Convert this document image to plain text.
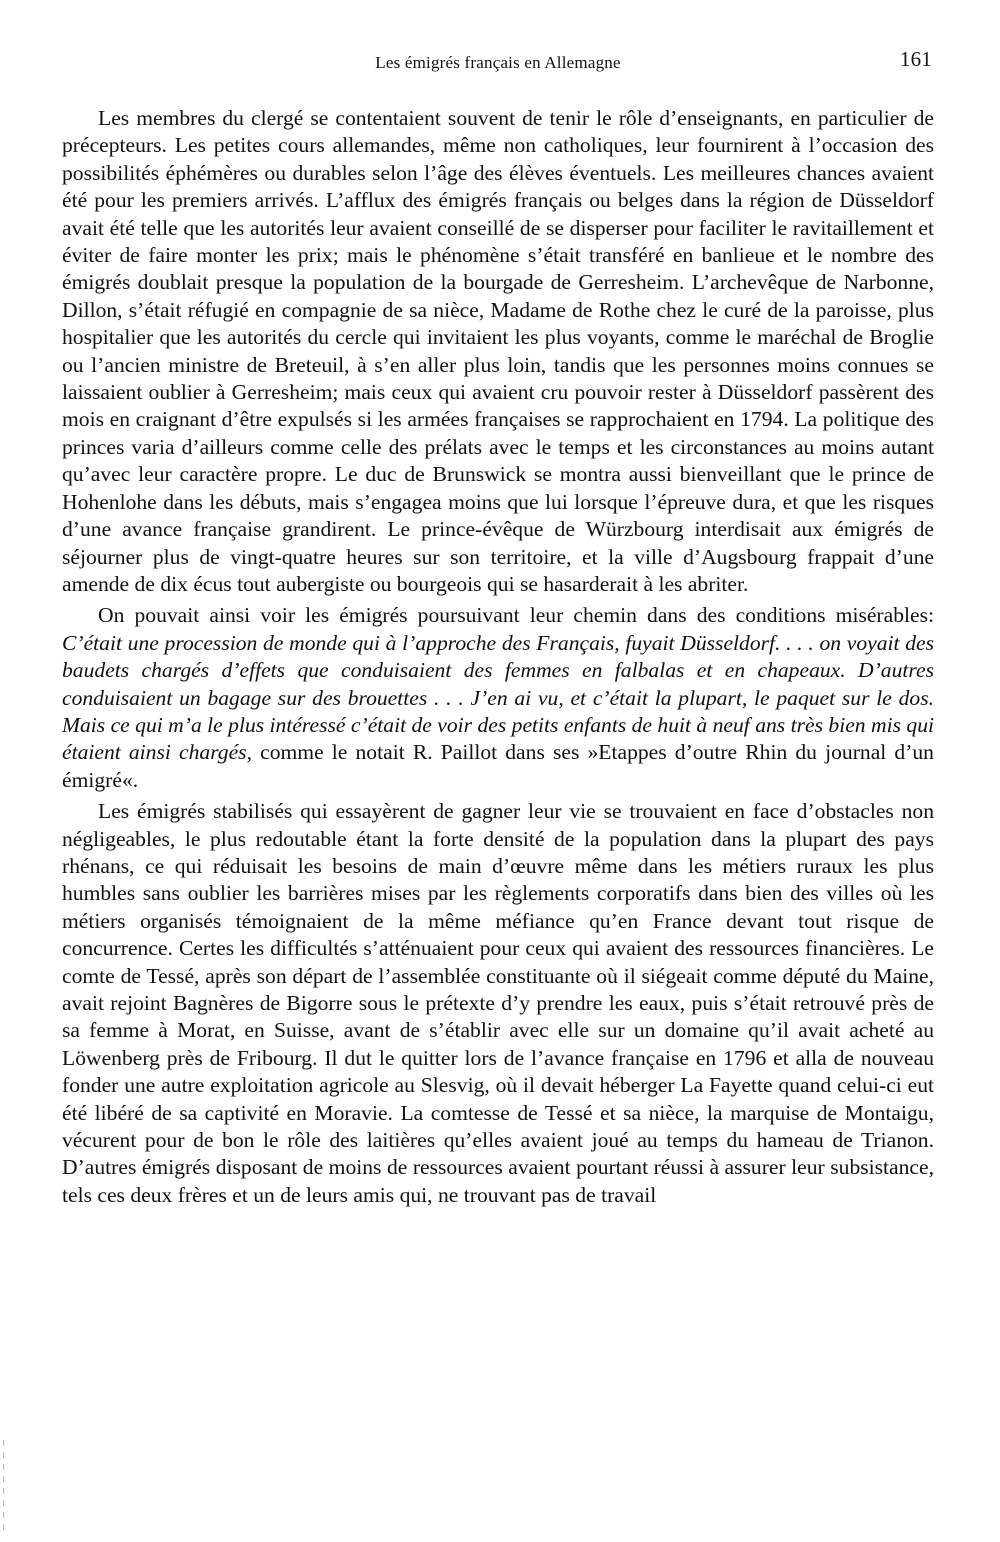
Les émigrés français en Allemagne	161

Les membres du clergé se contentaient souvent de tenir le rôle d’enseignants, en particulier de précepteurs. Les petites cours allemandes, même non catholiques, leur fournirent à l’occasion des possibilités éphémères ou durables selon l’âge des élèves éventuels. Les meilleures chances avaient été pour les premiers arrivés. L’afflux des émigrés français ou belges dans la région de Düsseldorf avait été telle que les autorités leur avaient conseillé de se disperser pour faciliter le ravitaillement et éviter de faire monter les prix; mais le phénomène s’était transféré en banlieue et le nombre des émigrés doublait presque la population de la bourgade de Gerresheim. L’archevêque de Narbonne, Dillon, s’était réfugié en compagnie de sa nièce, Madame de Rothe chez le curé de la paroisse, plus hospitalier que les autorités du cercle qui invitaient les plus voyants, comme le maréchal de Broglie ou l’ancien ministre de Breteuil, à s’en aller plus loin, tandis que les personnes moins connues se laissaient oublier à Gerresheim; mais ceux qui avaient cru pouvoir rester à Düsseldorf passèrent des mois en craignant d’être expulsés si les armées françaises se rapprochaient en 1794. La politique des princes varia d’ailleurs comme celle des prélats avec le temps et les circonstances au moins autant qu’avec leur caractère propre. Le duc de Brunswick se montra aussi bienveillant que le prince de Hohenlohe dans les débuts, mais s’engagea moins que lui lorsque l’épreuve dura, et que les risques d’une avance française grandirent. Le prince-évêque de Würzbourg interdisait aux émigrés de séjourner plus de vingt-quatre heures sur son territoire, et la ville d’Augsbourg frappait d’une amende de dix écus tout aubergiste ou bourgeois qui se hasarderait à les abriter.

On pouvait ainsi voir les émigrés poursuivant leur chemin dans des conditions misérables: C’était une procession de monde qui à l’approche des Français, fuyait Düsseldorf. . . . on voyait des baudets chargés d’effets que conduisaient des femmes en falbalas et en chapeaux. D’autres conduisaient un bagage sur des brouettes . . . J’en ai vu, et c’était la plupart, le paquet sur le dos. Mais ce qui m’a le plus intéressé c’était de voir des petits enfants de huit à neuf ans très bien mis qui étaient ainsi chargés, comme le notait R. Paillot dans ses »Etappes d’outre Rhin du journal d’un émigré«.

Les émigrés stabilisés qui essayèrent de gagner leur vie se trouvaient en face d’obstacles non négligeables, le plus redoutable étant la forte densité de la population dans la plupart des pays rhénans, ce qui réduisait les besoins de main d’œuvre même dans les métiers ruraux les plus humbles sans oublier les barrières mises par les règlements corporatifs dans bien des villes où les métiers organisés témoignaient de la même méfiance qu’en France devant tout risque de concurrence. Certes les difficultés s’atténuaient pour ceux qui avaient des ressources financières. Le comte de Tessé, après son départ de l’assemblée constituante où il siégeait comme député du Maine, avait rejoint Bagnères de Bigorre sous le prétexte d’y prendre les eaux, puis s’était retrouvé près de sa femme à Morat, en Suisse, avant de s’établir avec elle sur un domaine qu’il avait acheté au Löwenberg près de Fribourg. Il dut le quitter lors de l’avance française en 1796 et alla de nouveau fonder une autre exploitation agricole au Slesvig, où il devait héberger La Fayette quand celui-ci eut été libéré de sa captivité en Moravie. La comtesse de Tessé et sa nièce, la marquise de Montaigu, vécurent pour de bon le rôle des laitières qu’elles avaient joué au temps du hameau de Trianon. D’autres émigrés disposant de moins de ressources avaient pourtant réussi à assurer leur subsistance, tels ces deux frères et un de leurs amis qui, ne trouvant pas de travail
